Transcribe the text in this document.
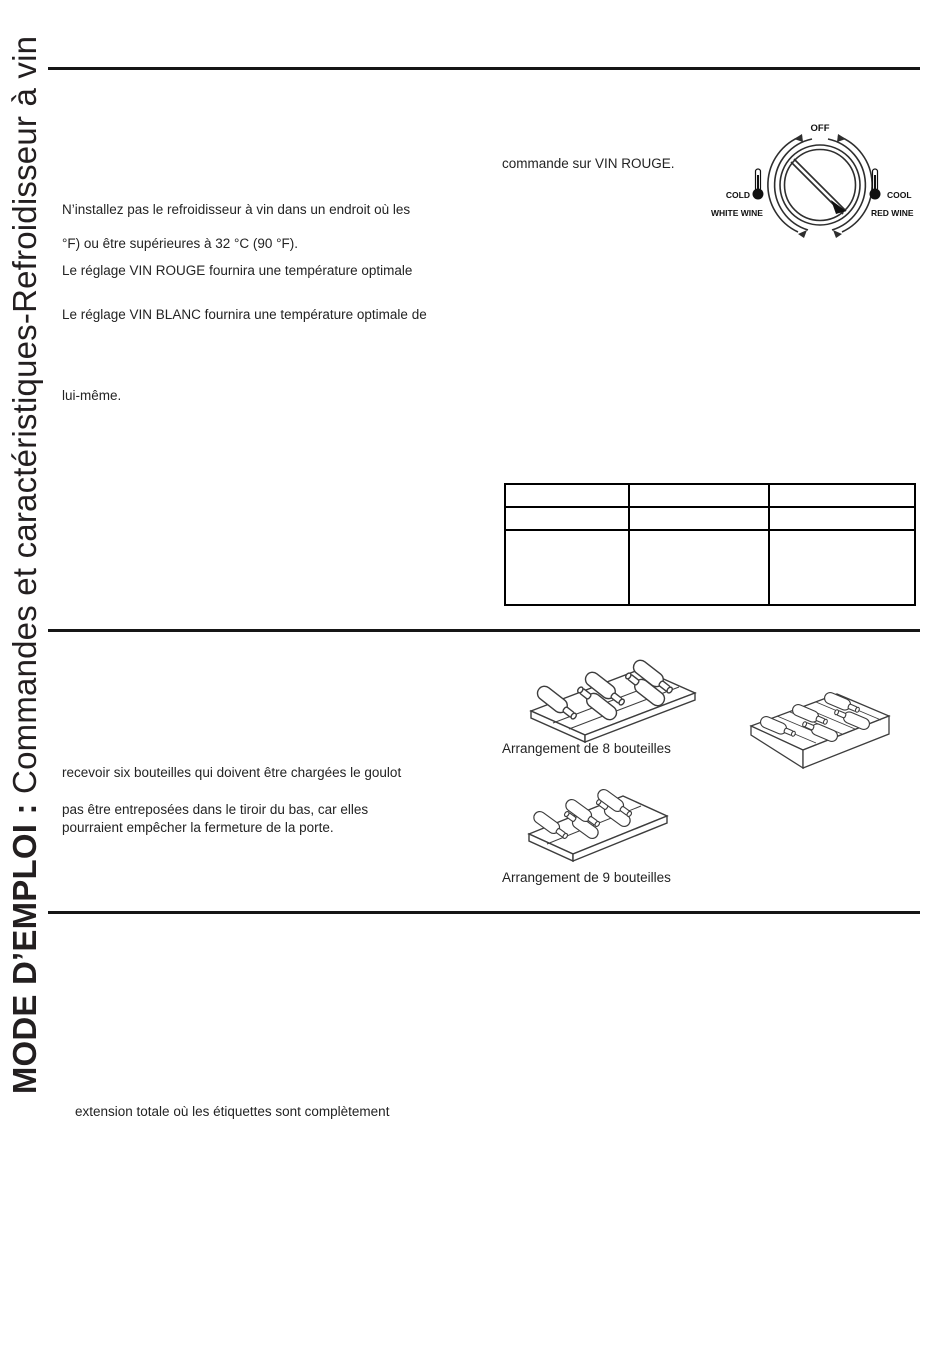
MODE D’EMPLOI : Commandes et caractéristiques-Refroidisseur à vin	commande sur VIN ROUGE.
N’installez pas le refroidisseur à vin dans un endroit où les
°F) ou être supérieures à 32 °C (90 °F).
Le réglage VIN ROUGE fournira une température optimale
Le réglage VIN BLANC fournira une température optimale de
lui-même.
OFF
COLD
WHITE WINE
COOL
RED WINE

Arrangement de 8 bouteilles
recevoir six bouteilles qui doivent être chargées le goulot
pas être entreposées dans le tiroir du bas, car elles
pourraient empêcher la fermeture de la porte.
Arrangement de 9 bouteilles
extension totale où les étiquettes sont complètement
